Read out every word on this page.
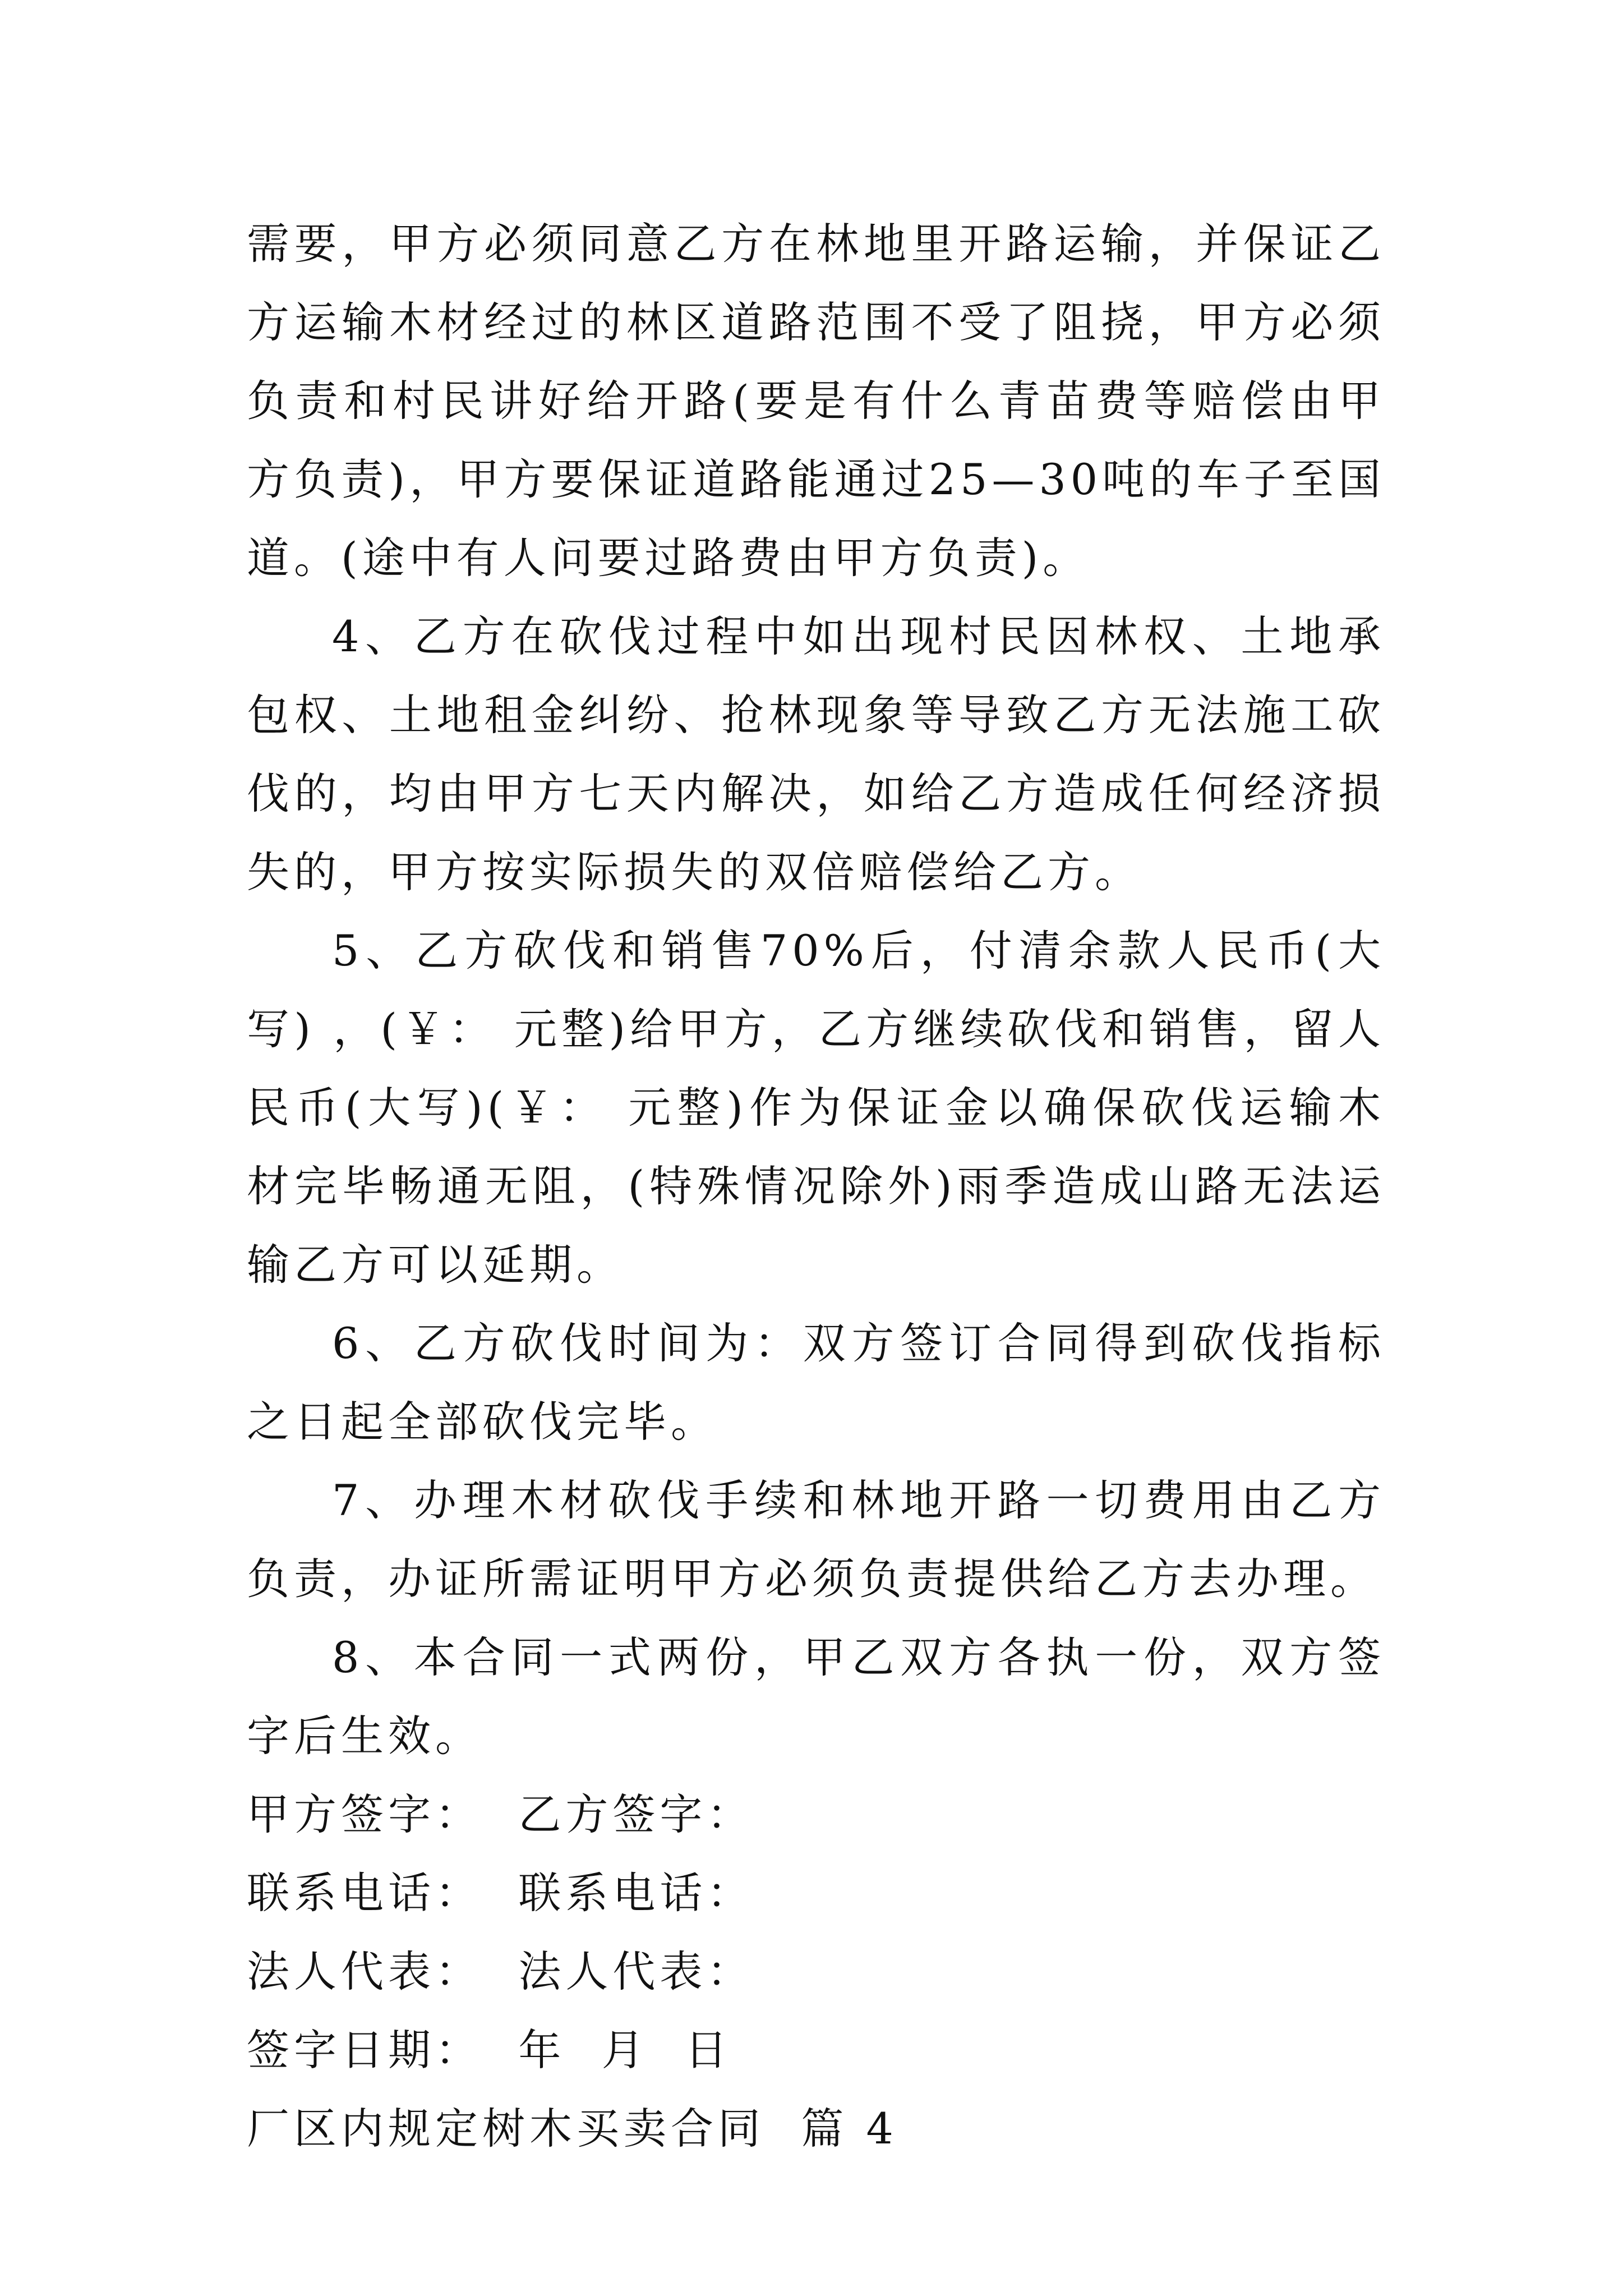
需要，甲方必须同意乙方在林地里开路运输，并保证乙方运输木材经过的林区道路范围不受了阻挠，甲方必须负责和村民讲好给开路(要是有什么青苗费等赔偿由甲方负责)，甲方要保证道路能通过25—30吨的车子至国道。(途中有人问要过路费由甲方负责)。

4、乙方在砍伐过程中如出现村民因林权、土地承包权、土地租金纠纷、抢林现象等导致乙方无法施工砍伐的，均由甲方七天内解决，如给乙方造成任何经济损失的，甲方按实际损失的双倍赔偿给乙方。

5、乙方砍伐和销售70%后，付清余款人民币(大写) ，(￥： 元整)给甲方，乙方继续砍伐和销售，留人民币(大写)(￥： 元整)作为保证金以确保砍伐运输木材完毕畅通无阻，(特殊情况除外)雨季造成山路无法运输乙方可以延期。

6、乙方砍伐时间为：双方签订合同得到砍伐指标之日起全部砍伐完毕。

7、办理木材砍伐手续和林地开路一切费用由乙方负责，办证所需证明甲方必须负责提供给乙方去办理。

8、本合同一式两份，甲乙双方各执一份，双方签字后生效。

甲方签字：  乙方签字：

联系电话：  联系电话：

法人代表：  法人代表：

签字日期：  年  月  日

厂区内规定树木买卖合同  篇 4
